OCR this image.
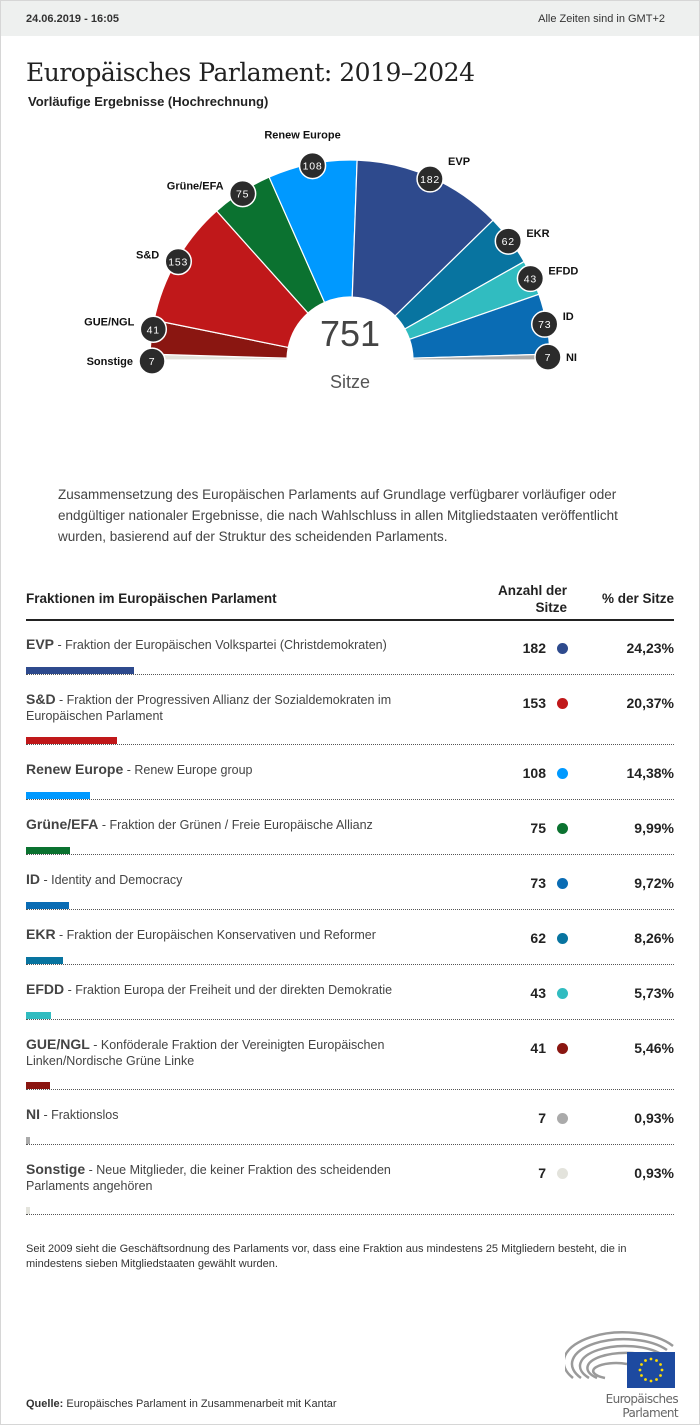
24.06.2019 - 16:05	Alle Zeiten sind in GMT+2
Europäisches Parlament: 2019–2024
Vorläufige Ergebnisse (Hochrechnung)
7
Sonstige
41
GUE/NGL
153
S&D
75
Grüne/EFA
108
Renew Europe
182
EVP
62
EKR
43
EFDD
73
ID
7 NI
751
Sitze
Zusammensetzung des Europäischen Parlaments auf Grundlage verfügbarer vorläufiger oder endgültiger nationaler Ergebnisse, die nach Wahlschluss in allen Mitgliedstaaten veröffentlicht wurden, basierend auf der Struktur des scheidenden Parlaments.
Fraktionen im Europäischen Parlament
Anzahl der Sitze
% der Sitze
EVP - Fraktion der Europäischen Volkspartei (Christdemokraten)	182	24,23%
S&D - Fraktion der Progressiven Allianz der Sozialdemokraten im Europäischen Parlament
153	20,37%
Renew Europe - Renew Europe group	108	14,38%
Grüne/EFA - Fraktion der Grünen / Freie Europäische Allianz	75	9,99%
ID - Identity and Democracy	73	9,72%
EKR - Fraktion der Europäischen Konservativen und Reformer	62	8,26%
EFDD - Fraktion Europa der Freiheit und der direkten Demokratie	43	5,73%
GUE/NGL - Konföderale Fraktion der Vereinigten Europäischen Linken/Nordische Grüne Linke
41	5,46%
NI - Fraktionslos	7	0,93%
Sonstige - Neue Mitglieder, die keiner Fraktion des scheidenden Parlaments angehören
7	0,93%
Seit 2009 sieht die Geschäftsordnung des Parlaments vor, dass eine Fraktion aus mindestens 25 Mitgliedern besteht, die in mindestens sieben Mitgliedstaaten gewählt wurden.
Quelle: Europäisches Parlament in Zusammenarbeit mit Kantar	Europäisches Parlament
